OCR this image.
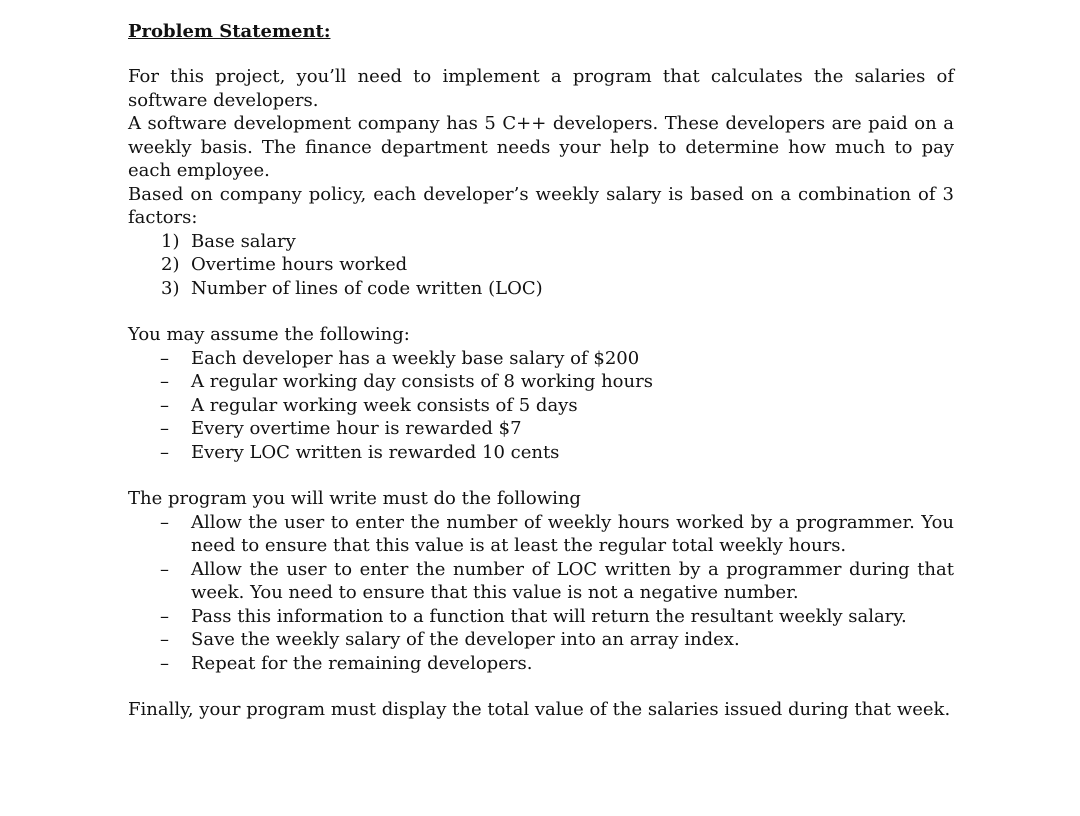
Problem Statement:

For this project, you’ll need to implement a program that calculates the salaries of software developers.

A software development company has 5 C++ developers. These developers are paid on a weekly basis. The finance department needs your help to determine how much to pay each employee.

Based on company policy, each developer’s weekly salary is based on a combination of 3 factors:

1) Base salary
2) Overtime hours worked
3) Number of lines of code written (LOC)

You may assume the following:

– Each developer has a weekly base salary of $200
– A regular working day consists of 8 working hours
– A regular working week consists of 5 days
– Every overtime hour is rewarded $7
– Every LOC written is rewarded 10 cents

The program you will write must do the following

– Allow the user to enter the number of weekly hours worked by a programmer. You need to ensure that this value is at least the regular total weekly hours.
– Allow the user to enter the number of LOC written by a programmer during that week. You need to ensure that this value is not a negative number.
– Pass this information to a function that will return the resultant weekly salary.
– Save the weekly salary of the developer into an array index.
– Repeat for the remaining developers.

Finally, your program must display the total value of the salaries issued during that week.
